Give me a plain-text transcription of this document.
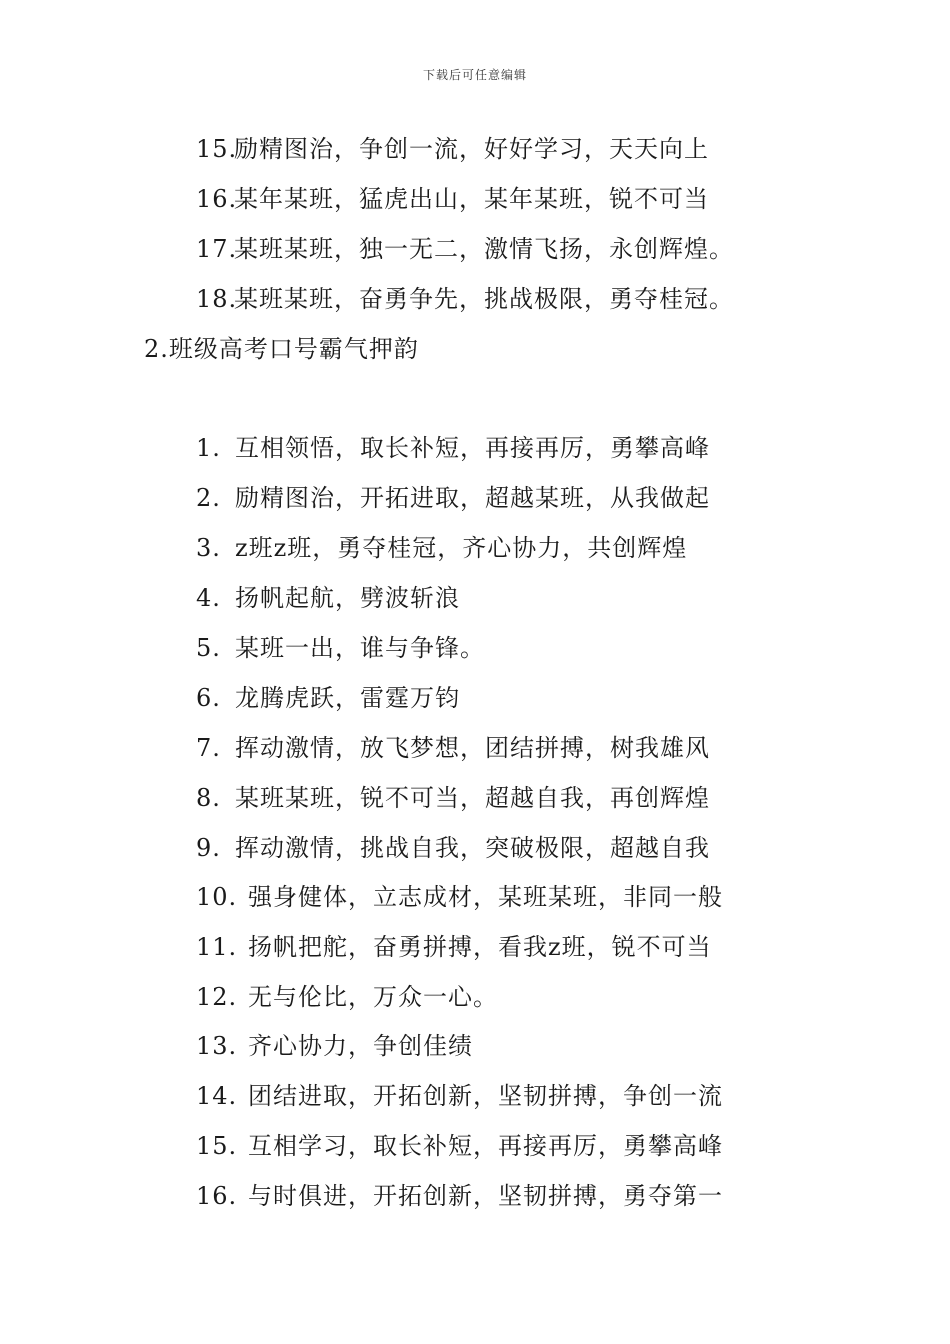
下载后可任意编辑
15.励精图治，争创一流，好好学习，天天向上
16.某年某班，猛虎出山，某年某班，锐不可当
17.某班某班，独一无二，激情飞扬，永创辉煌。
18.某班某班，奋勇争先，挑战极限，勇夺桂冠。
2.班级高考口号霸气押韵
1. 互相领悟，取长补短，再接再厉，勇攀高峰
2. 励精图治，开拓进取，超越某班，从我做起
3. z班z班，勇夺桂冠，齐心协力，共创辉煌
4. 扬帆起航，劈波斩浪
5. 某班一出，谁与争锋。
6. 龙腾虎跃，雷霆万钧
7. 挥动激情，放飞梦想，团结拼搏，树我雄风
8. 某班某班，锐不可当，超越自我，再创辉煌
9. 挥动激情，挑战自我，突破极限，超越自我
10. 强身健体，立志成材，某班某班，非同一般
11. 扬帆把舵，奋勇拼搏，看我z班，锐不可当
12. 无与伦比，万众一心。
13. 齐心协力，争创佳绩
14. 团结进取，开拓创新，坚韧拼搏，争创一流
15. 互相学习，取长补短，再接再厉，勇攀高峰
16. 与时俱进，开拓创新，坚韧拼搏，勇夺第一
